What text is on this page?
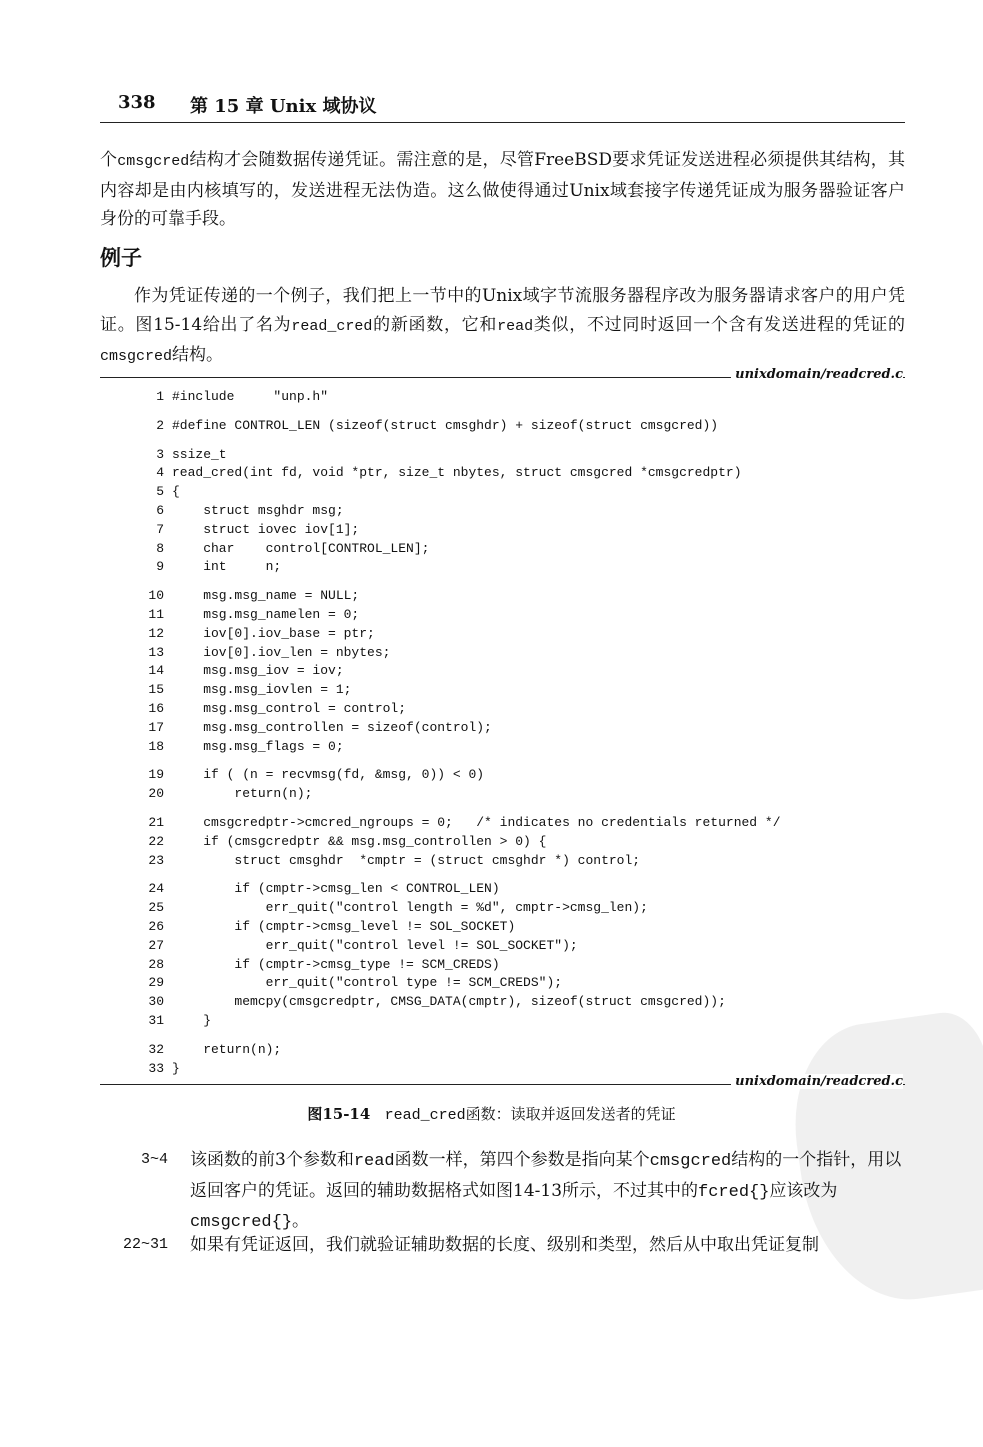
338 第 15 章 Unix 域协议
个cmsgcred结构才会随数据传递凭证。需注意的是，尽管FreeBSD要求凭证发送进程必须提供其结构，其内容却是由内核填写的，发送进程无法伪造。这么做使得通过Unix域套接字传递凭证成为服务器验证客户身份的可靠手段。
例子
作为凭证传递的一个例子，我们把上一节中的Unix域字节流服务器程序改为服务器请求客户的用户凭证。图15-14给出了名为read_cred的新函数，它和read类似，不过同时返回一个含有发送进程的凭证的cmsgcred结构。
unixdomain/readcred.c
1 #include     "unp.h"
2 #define CONTROL_LEN (sizeof(struct cmsghdr) + sizeof(struct cmsgcred))
3 ssize_t
4 read_cred(int fd, void *ptr, size_t nbytes, struct cmsgcred *cmsgcredptr)
5 {
6 struct msghdr msg;
7 struct iovec iov[1];
8 char    control[CONTROL_LEN];
9 int     n;
10 msg.msg_name = NULL;
11 msg.msg_namelen = 0;
12 iov[0].iov_base = ptr;
13 iov[0].iov_len = nbytes;
14 msg.msg_iov = iov;
15 msg.msg_iovlen = 1;
16 msg.msg_control = control;
17 msg.msg_controllen = sizeof(control);
18 msg.msg_flags = 0;
19 if ( (n = recvmsg(fd, &msg, 0)) < 0)
20 return(n);
21 cmsgcredptr->cmcred_ngroups = 0;   /* indicates no credentials returned */
22 if (cmsgcredptr && msg.msg_controllen > 0) {
23 struct cmsghdr  *cmptr = (struct cmsghdr *) control;
24 if (cmptr->cmsg_len < CONTROL_LEN)
25 err_quit("control length = %d", cmptr->cmsg_len);
26 if (cmptr->cmsg_level != SOL_SOCKET)
27 err_quit("control level != SOL_SOCKET");
28 if (cmptr->cmsg_type != SCM_CREDS)
29 err_quit("control type != SCM_CREDS");
30 memcpy(cmsgcredptr, CMSG_DATA(cmptr), sizeof(struct cmsgcred));
31 }
32 return(n);
33 }
unixdomain/readcred.c
图15-14 read_cred函数：读取并返回发送者的凭证
3~4 该函数的前3个参数和read函数一样，第四个参数是指向某个cmsgcred结构的一个指针，用以返回客户的凭证。返回的辅助数据格式如图14-13所示，不过其中的fcred{}应该改为cmsgcred{}。
22~31 如果有凭证返回，我们就验证辅助数据的长度、级别和类型，然后从中取出凭证复制
